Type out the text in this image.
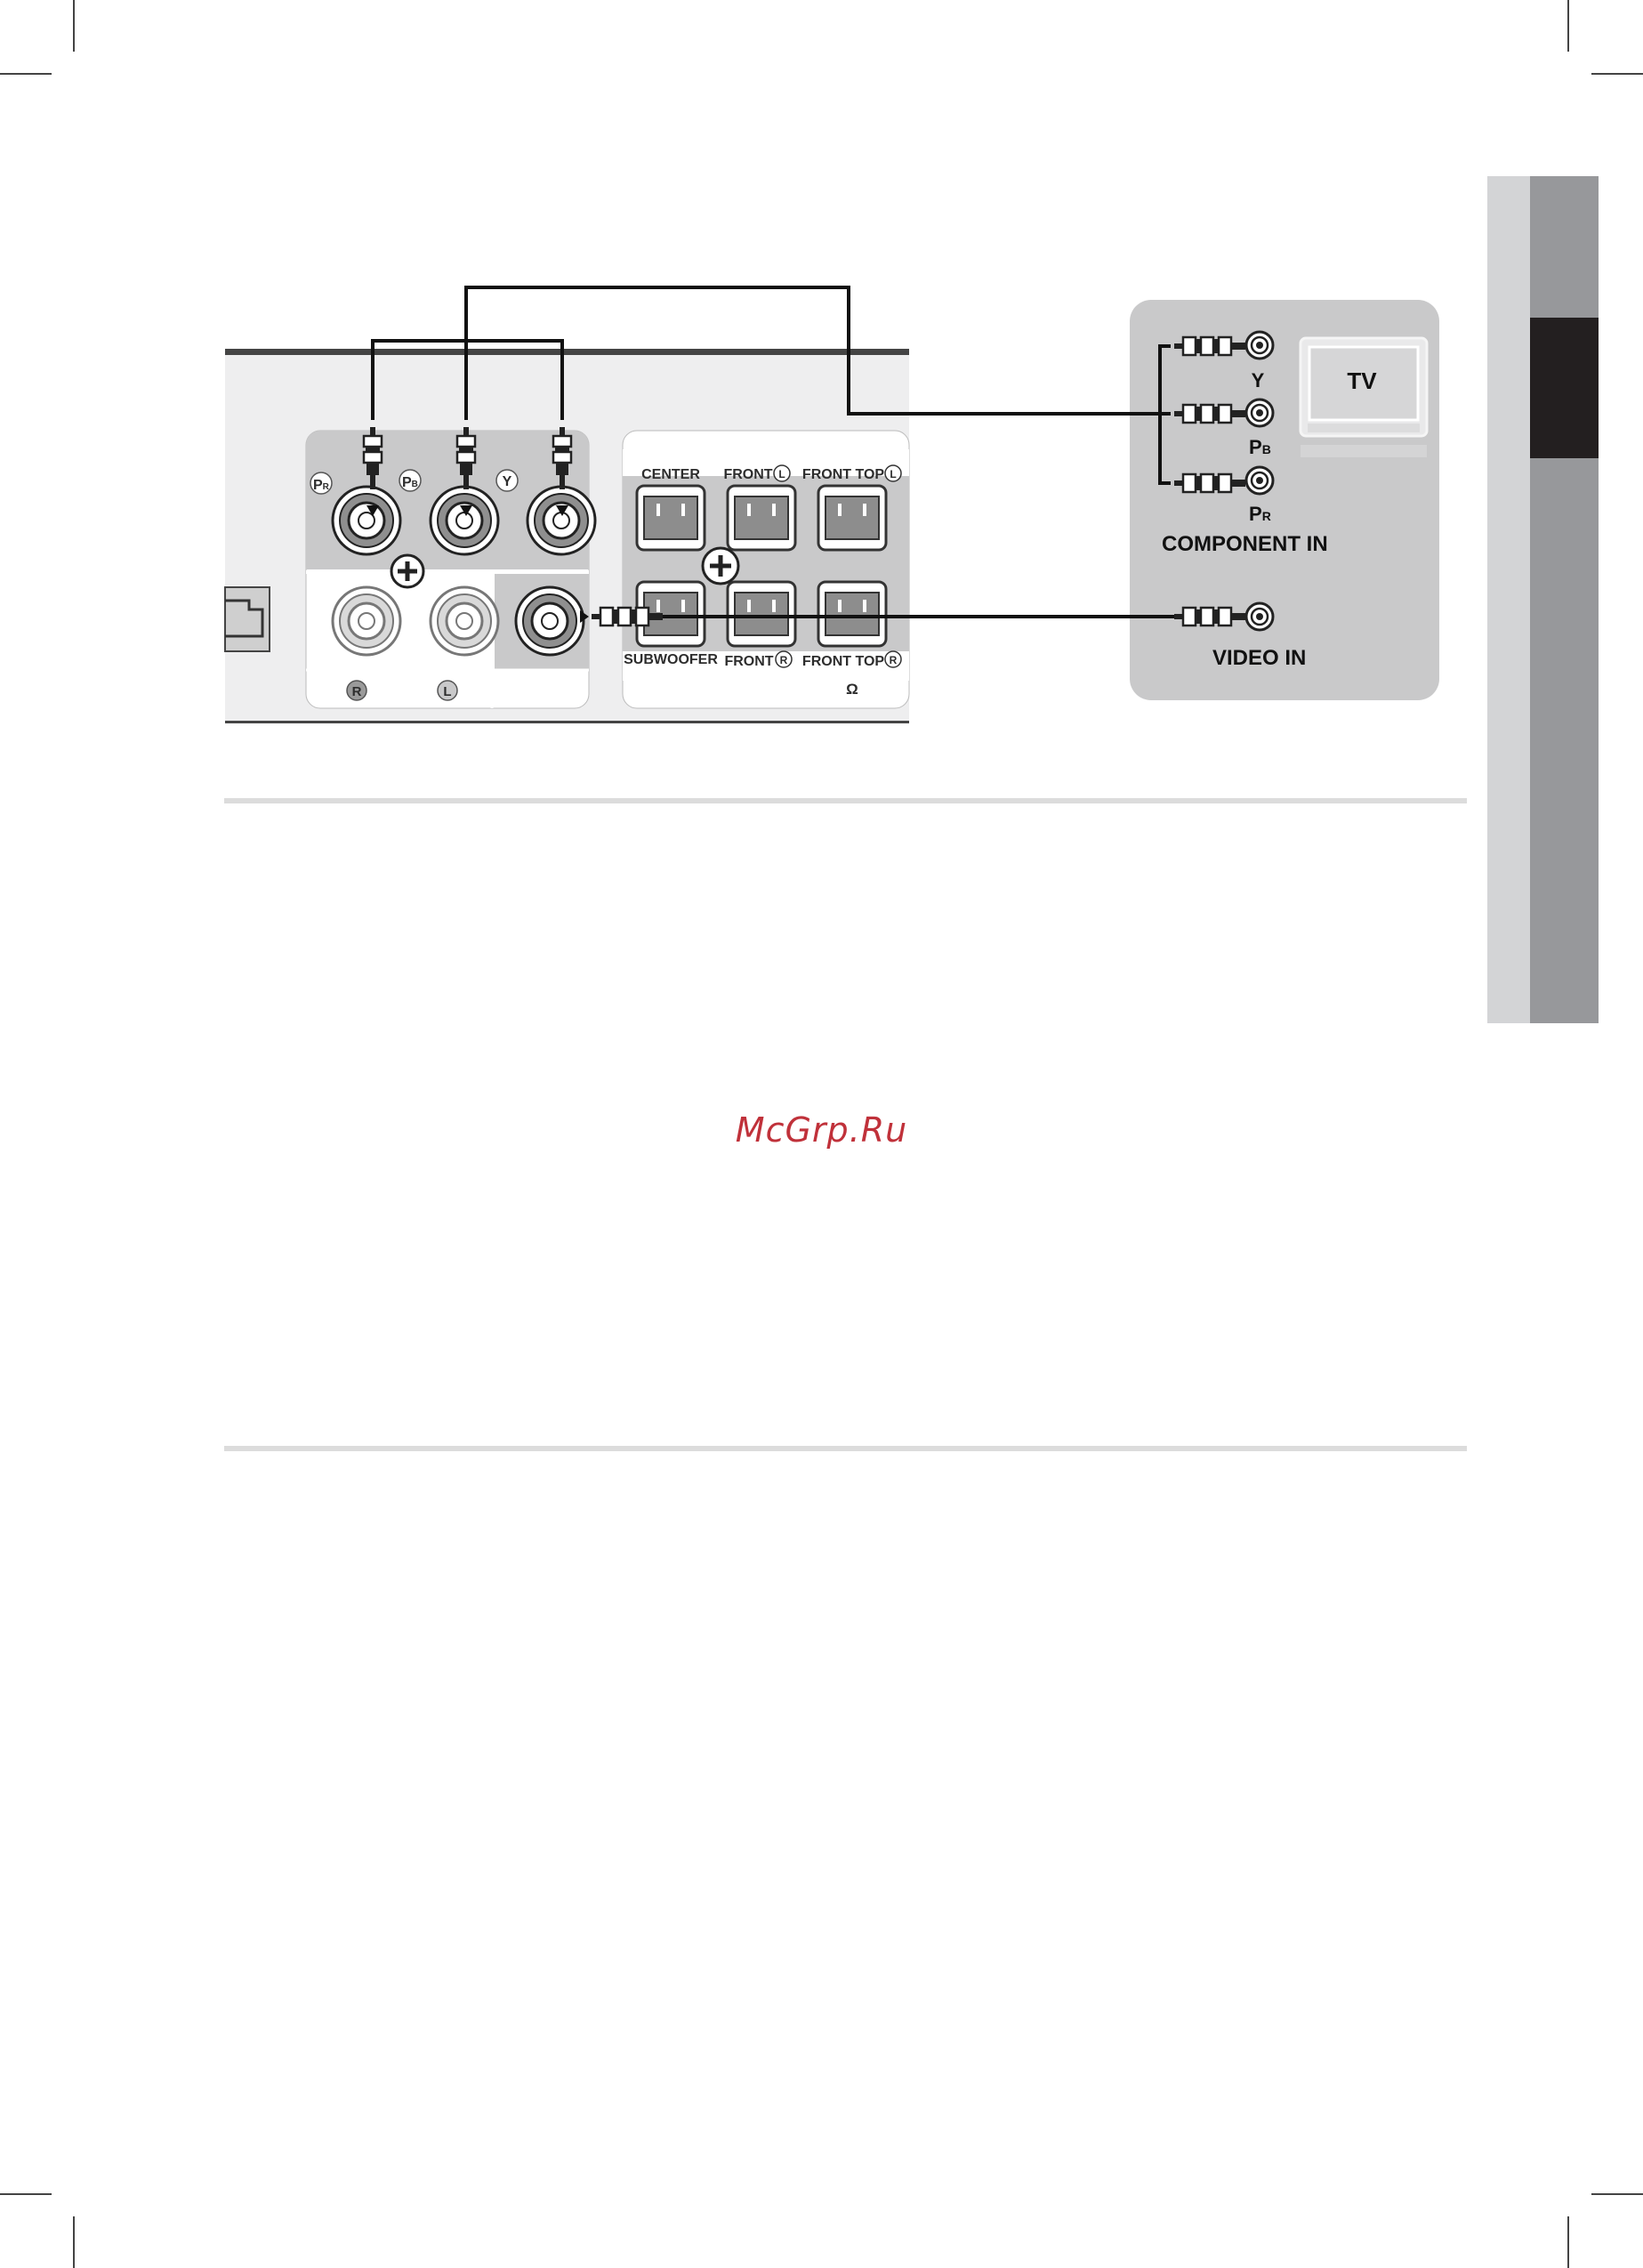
PR	PB	Y
R	L
CENTER FRONT L FRONT TOP L
SUBWOOFER FRONT R FRONT TOP R
Ω
TV
Y
PB
PR
COMPONENT IN
VIDEO IN
McGrp.Ru
